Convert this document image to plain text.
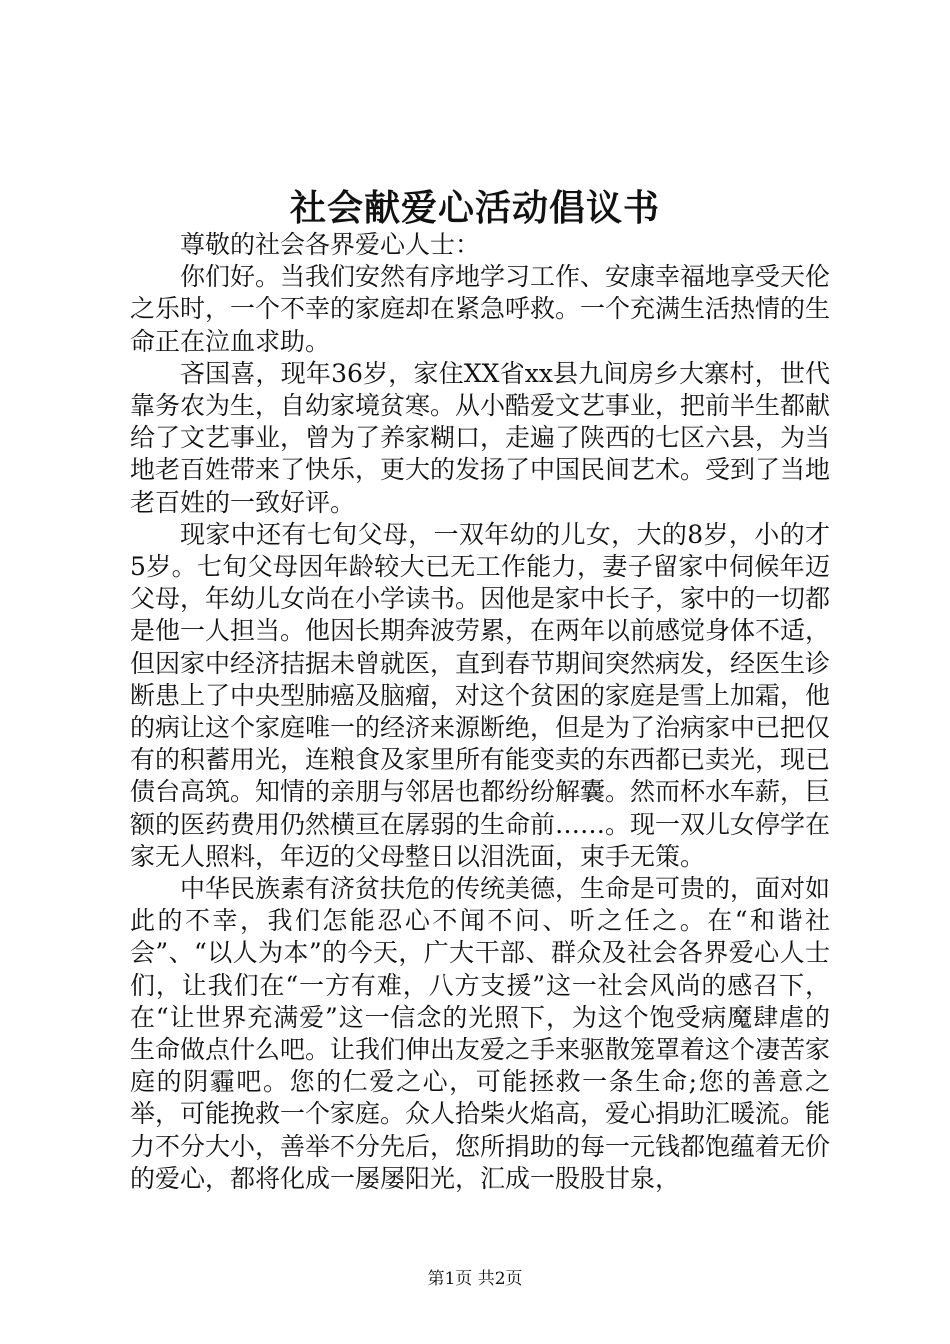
社会献爱心活动倡议书

尊敬的社会各界爱心人士：

你们好。当我们安然有序地学习工作、安康幸福地享受天伦之乐时，一个不幸的家庭却在紧急呼救。一个充满生活热情的生命正在泣血求助。

吝国喜，现年36岁，家住XX省xx县九间房乡大寨村，世代靠务农为生，自幼家境贫寒。从小酷爱文艺事业，把前半生都献给了文艺事业，曾为了养家糊口，走遍了陕西的七区六县，为当地老百姓带来了快乐，更大的发扬了中国民间艺术。受到了当地老百姓的一致好评。

现家中还有七旬父母，一双年幼的儿女，大的8岁，小的才5岁。七旬父母因年龄较大已无工作能力，妻子留家中伺候年迈父母，年幼儿女尚在小学读书。因他是家中长子，家中的一切都是他一人担当。他因长期奔波劳累，在两年以前感觉身体不适，但因家中经济拮据未曾就医，直到春节期间突然病发，经医生诊断患上了中央型肺癌及脑瘤，对这个贫困的家庭是雪上加霜，他的病让这个家庭唯一的经济来源断绝，但是为了治病家中已把仅有的积蓄用光，连粮食及家里所有能变卖的东西都已卖光，现已债台高筑。知情的亲朋与邻居也都纷纷解囊。然而杯水车薪，巨额的医药费用仍然横亘在孱弱的生命前……。现一双儿女停学在家无人照料，年迈的父母整日以泪洗面，束手无策。

中华民族素有济贫扶危的传统美德，生命是可贵的，面对如此的不幸，我们怎能忍心不闻不问、听之任之。在“和谐社会”、“以人为本”的今天，广大干部、群众及社会各界爱心人士们，让我们在“一方有难，八方支援”这一社会风尚的感召下，在“让世界充满爱”这一信念的光照下，为这个饱受病魔肆虐的生命做点什么吧。让我们伸出友爱之手来驱散笼罩着这个凄苦家庭的阴霾吧。您的仁爱之心，可能拯救一条生命;您的善意之举，可能挽救一个家庭。众人拾柴火焰高，爱心捐助汇暖流。能力不分大小，善举不分先后，您所捐助的每一元钱都饱蕴着无价的爱心，都将化成一屡屡阳光，汇成一股股甘泉，

第1页 共2页
